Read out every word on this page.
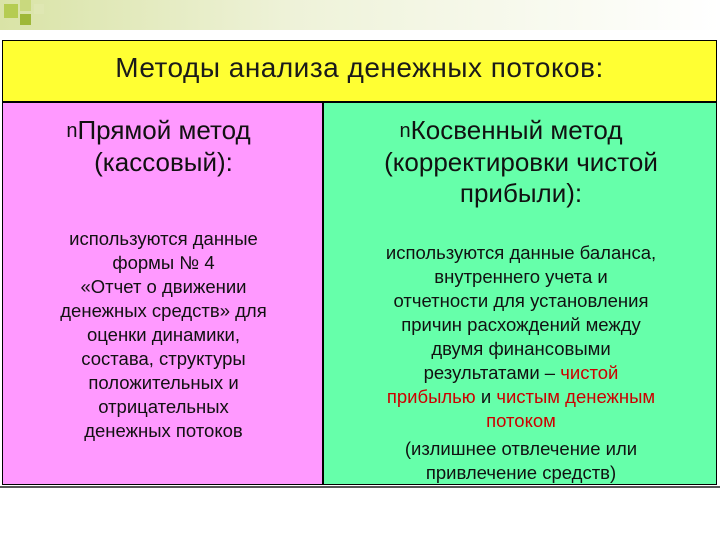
Методы анализа денежных потоков:
nПрямой метод
(кассовый):
используются данные
формы № 4
«Отчет о движении
денежных средств» для
оценки динамики,
состава, структуры
положительных и
отрицательных
денежных потоков
nКосвенный метод
(корректировки чистой
прибыли):
используются данные баланса,
внутреннего учета и
отчетности для установления
причин расхождений между
двумя финансовыми
результатами – чистой
прибылью и чистым денежным
потоком
(излишнее отвлечение или
привлечение средств)
